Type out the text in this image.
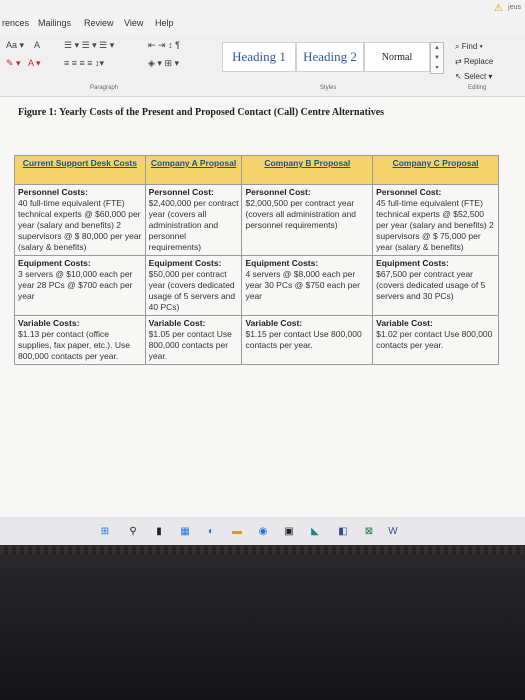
rences Mailings Review View Help
⚠ jeus
Aa ▾ A
✎ ▾ A ▾
☰ ▾ ☰ ▾ ☰ ▾	⇤ ⇥ ↕ ¶
≡ ≡ ≡ ≡ ↕▾	◈ ▾ ⊞ ▾	Heading 1	Heading 2	Normal
▲
▼
▾
⌕ Find ▾
⇄ Replace
↖ Select ▾
Paragraph	Styles	Editing
Figure 1: Yearly Costs of the Present and Proposed Contact (Call) Centre Alternatives
Current Support Desk Costs	Company A Proposal	Company B Proposal	Company C Proposal
Personnel Costs:
40 full-time equivalent (FTE) technical experts @ $60,000 per year (salary and benefits) 2 supervisors @ $ 80,000 per year (salary & benefits)	Personnel Cost:
$2,400,000 per contract year (covers all administration and personnel requirements)	Personnel Cost:
$2,000,500 per contract year (covers all administration and personnel requirements)	Personnel Cost:
45 full-time equivalent (FTE) technical experts @ $52,500 per year (salary and benefits) 2 supervisors @ $ 75,000 per year (salary & benefits)
Equipment Costs:
3 servers @ $10,000 each per year 28 PCs @ $700 each per year	Equipment Costs:
$50,000 per contract year (covers dedicated usage of 5 servers and 40 PCs)	Equipment Costs:
4 servers @ $8,000 each per year 30 PCs @ $750 each per year	Equipment Costs:
$67,500 per contract year (covers dedicated usage of 5 servers and 30 PCs)
Variable Costs:
$1.13 per contact (office supplies, fax paper, etc.). Use 800,000 contacts per year.	Variable Cost:
$1.05 per contact Use 800,000 contacts per year.	Variable Cost:
$1.15 per contact Use 800,000 contacts per year.	Variable Cost:
$1.02 per contact Use 800,000 contacts per year.
⊞	⚲	▮	▦	◐	▬ ◉ ▣	◣	◧ ⊠ W
